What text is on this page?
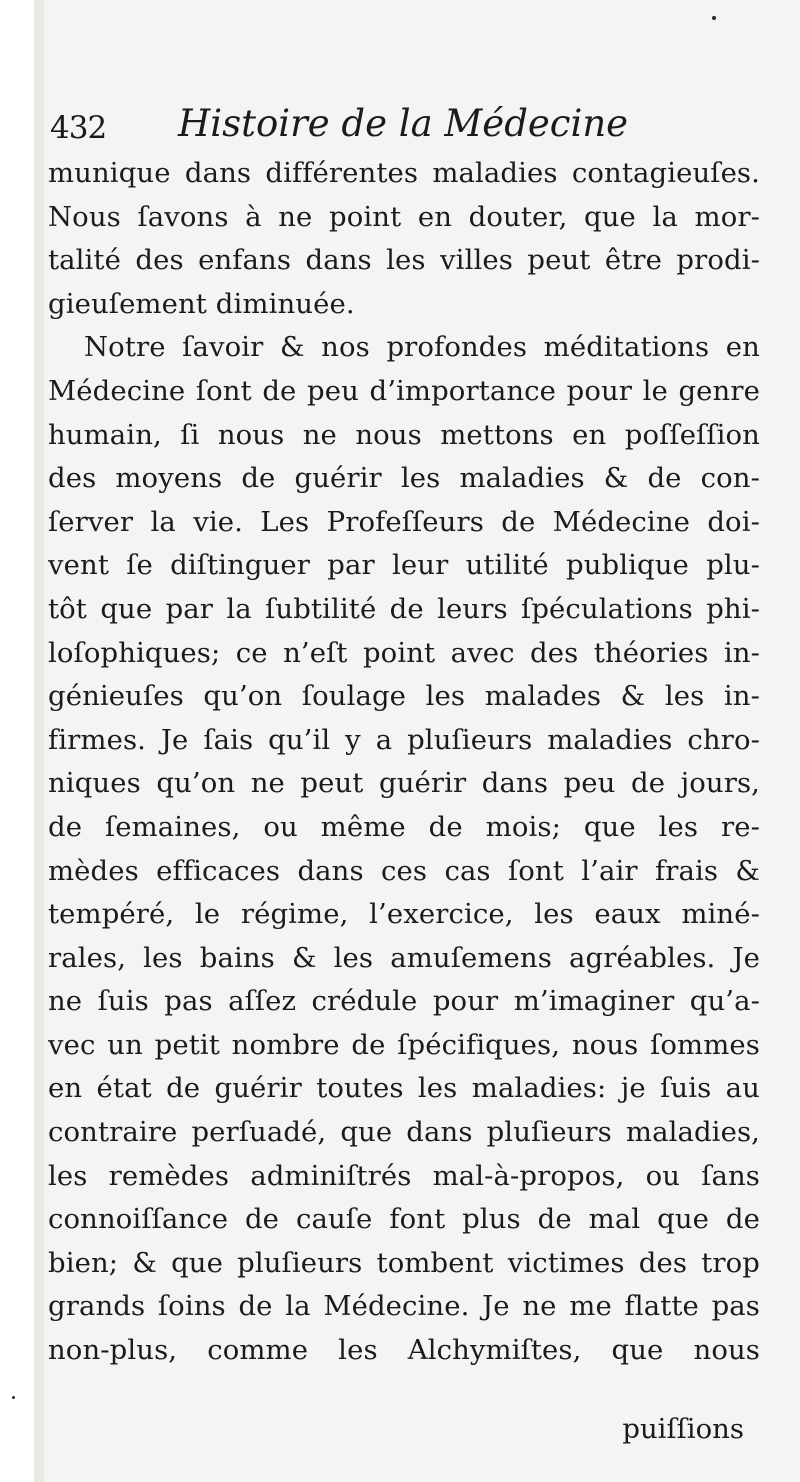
432 Histoire de la Médecine
munique dans différentes maladies contagieuſes.
Nous ſavons à ne point en douter, que la mor-
talité des enfans dans les villes peut être prodi-
gieuſement diminuée.
Notre ſavoir & nos profondes méditations en
Médecine ſont de peu d’importance pour le genre
humain, ſi nous ne nous mettons en poſſeſſion
des moyens de guérir les maladies & de con-
ſerver la vie. Les Profeſſeurs de Médecine doi-
vent ſe diſtinguer par leur utilité publique plu-
tôt que par la ſubtilité de leurs ſpéculations phi-
loſophiques; ce n’eſt point avec des théories in-
génieuſes qu’on ſoulage les malades & les in-
firmes. Je ſais qu’il y a pluſieurs maladies chro-
niques qu’on ne peut guérir dans peu de jours,
de ſemaines, ou même de mois; que les re-
mèdes efficaces dans ces cas ſont l’air frais &
tempéré, le régime, l’exercice, les eaux miné-
rales, les bains & les amuſemens agréables. Je
ne ſuis pas aſſez crédule pour m’imaginer qu’a-
vec un petit nombre de ſpécifiques, nous ſommes
en état de guérir toutes les maladies: je ſuis au
contraire perſuadé, que dans pluſieurs maladies,
les remèdes adminiſtrés mal-à-propos, ou ſans
connoiſſance de cauſe font plus de mal que de
bien; & que pluſieurs tombent victimes des trop
grands ſoins de la Médecine. Je ne me flatte pas
non-plus, comme les Alchymiſtes, que nous
puiſſions
